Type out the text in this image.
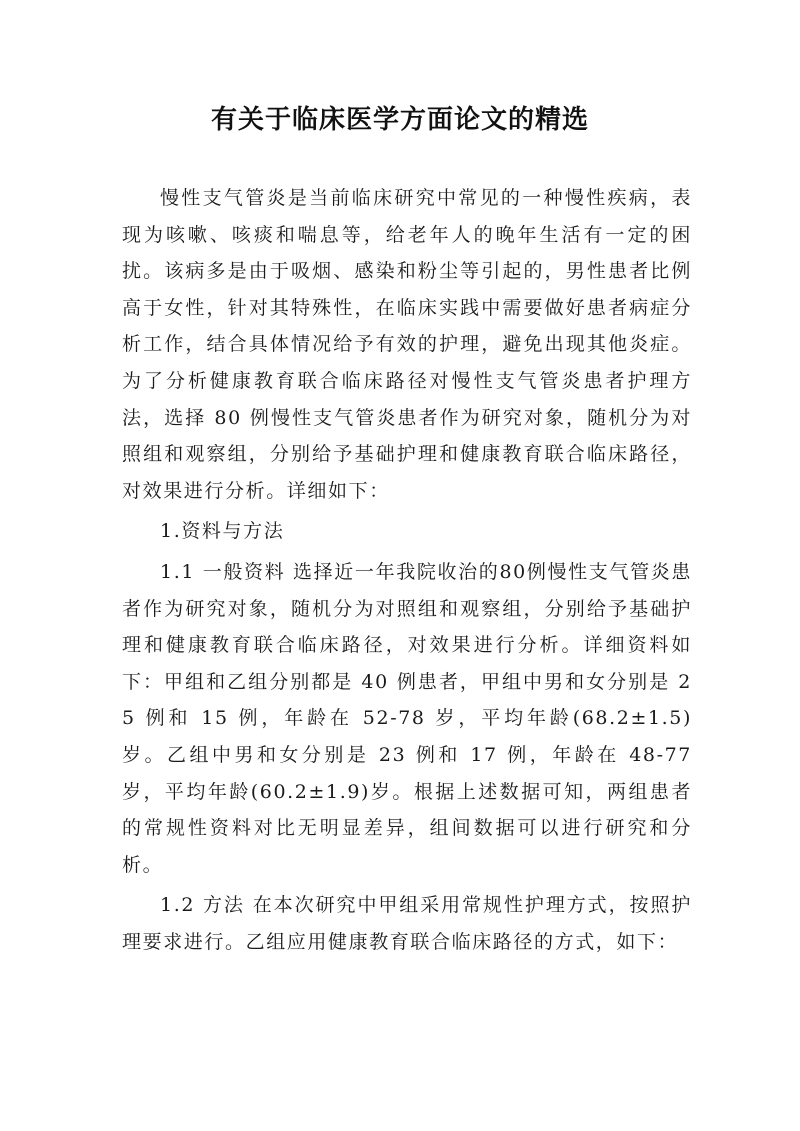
有关于临床医学方面论文的精选

慢性支气管炎是当前临床研究中常见的一种慢性疾病，表现为咳嗽、咳痰和喘息等，给老年人的晚年生活有一定的困扰。该病多是由于吸烟、感染和粉尘等引起的，男性患者比例高于女性，针对其特殊性，在临床实践中需要做好患者病症分析工作，结合具体情况给予有效的护理，避免出现其他炎症。为了分析健康教育联合临床路径对慢性支气管炎患者护理方法，选择 80 例慢性支气管炎患者作为研究对象，随机分为对照组和观察组，分别给予基础护理和健康教育联合临床路径，对效果进行分析。详细如下：

1.资料与方法

1.1 一般资料 选择近一年我院收治的80例慢性支气管炎患者作为研究对象，随机分为对照组和观察组，分别给予基础护理和健康教育联合临床路径，对效果进行分析。详细资料如下：甲组和乙组分别都是 40 例患者，甲组中男和女分别是 25 例和 15 例，年龄在 52-78 岁，平均年龄(68.2±1.5)岁。乙组中男和女分别是 23 例和 17 例，年龄在 48-77 岁，平均年龄(60.2±1.9)岁。根据上述数据可知，两组患者的常规性资料对比无明显差异，组间数据可以进行研究和分析。

1.2 方法 在本次研究中甲组采用常规性护理方式，按照护理要求进行。乙组应用健康教育联合临床路径的方式，如下：
